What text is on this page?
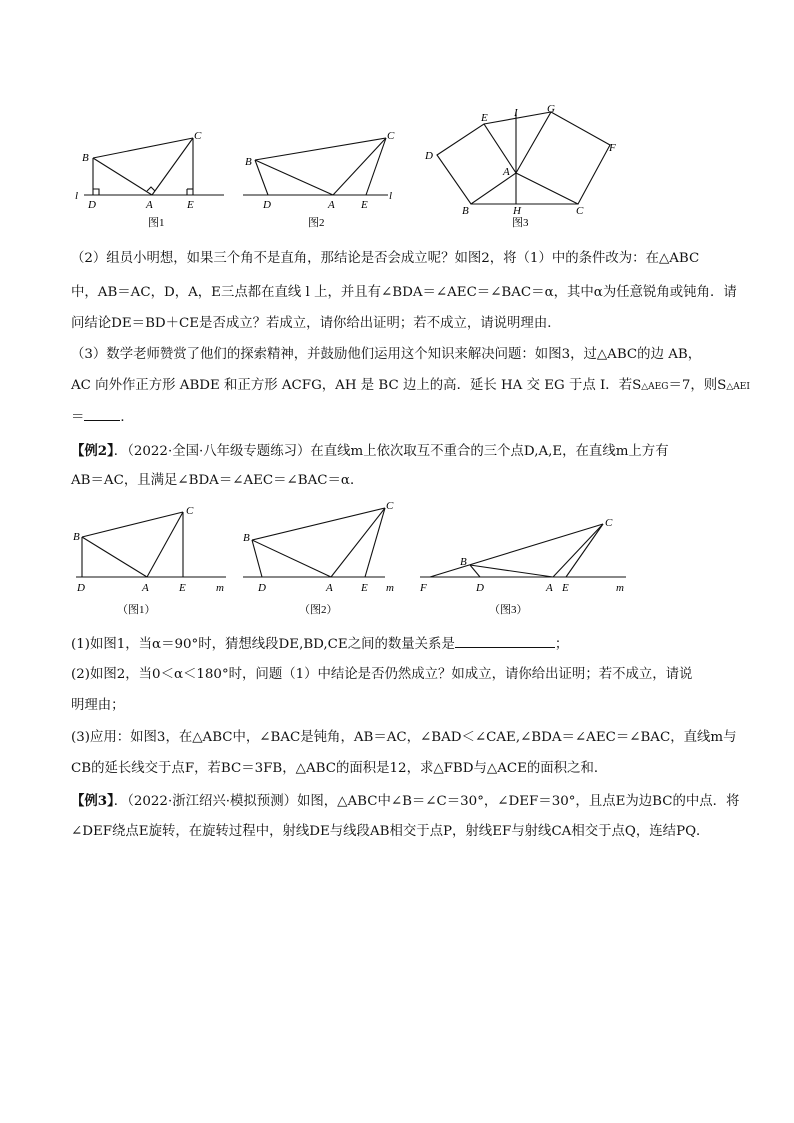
B
C
D	A	E
l
图1
B
C
D	A E
l
图2
D
E I	G
F
A
B	H	C
图3
（2）组员小明想，如果三个角不是直角，那结论是否会成立呢？如图2，将（1）中的条件改为：在△ABC
中，AB＝AC，D，A，E三点都在直线 l 上，并且有∠BDA＝∠AEC＝∠BAC＝α，其中α为任意锐角或钝角．请
问结论DE＝BD＋CE是否成立？若成立，请你给出证明；若不成立，请说明理由．
（3）数学老师赞赏了他们的探索精神，并鼓励他们运用这个知识来解决问题：如图3，过△ABC的边 AB，
AC 向外作正方形 ABDE 和正方形 ACFG，AH 是 BC 边上的高．延长 HA 交 EG 于点 I．若S△AEG＝7，则S△AEI
＝	．
【例2】．（2022·全国·八年级专题练习）在直线m上依次取互不重合的三个点D,A,E，在直线m上方有
AB＝AC，且满足∠BDA＝∠AEC＝∠BAC＝α．
B
C
D	A	E	m
（图1）
B
C
D	A	E m
（图2）
B
C
D	A E
F	m
（图3）
(1)如图1，当α＝90°时，猜想线段DE,BD,CE之间的数量关系是	；
(2)如图2，当0＜α＜180°时，问题（1）中结论是否仍然成立？如成立，请你给出证明；若不成立，请说
明理由；
(3)应用：如图3，在△ABC中，∠BAC是钝角，AB＝AC，∠BAD＜∠CAE,∠BDA＝∠AEC＝∠BAC，直线m与
CB的延长线交于点F，若BC＝3FB，△ABC的面积是12，求△FBD与△ACE的面积之和．
【例3】．（2022·浙江绍兴·模拟预测）如图，△ABC中∠B＝∠C＝30°，∠DEF＝30°，且点E为边BC的中点．将
∠DEF绕点E旋转，在旋转过程中，射线DE与线段AB相交于点P，射线EF与射线CA相交于点Q，连结PQ．
